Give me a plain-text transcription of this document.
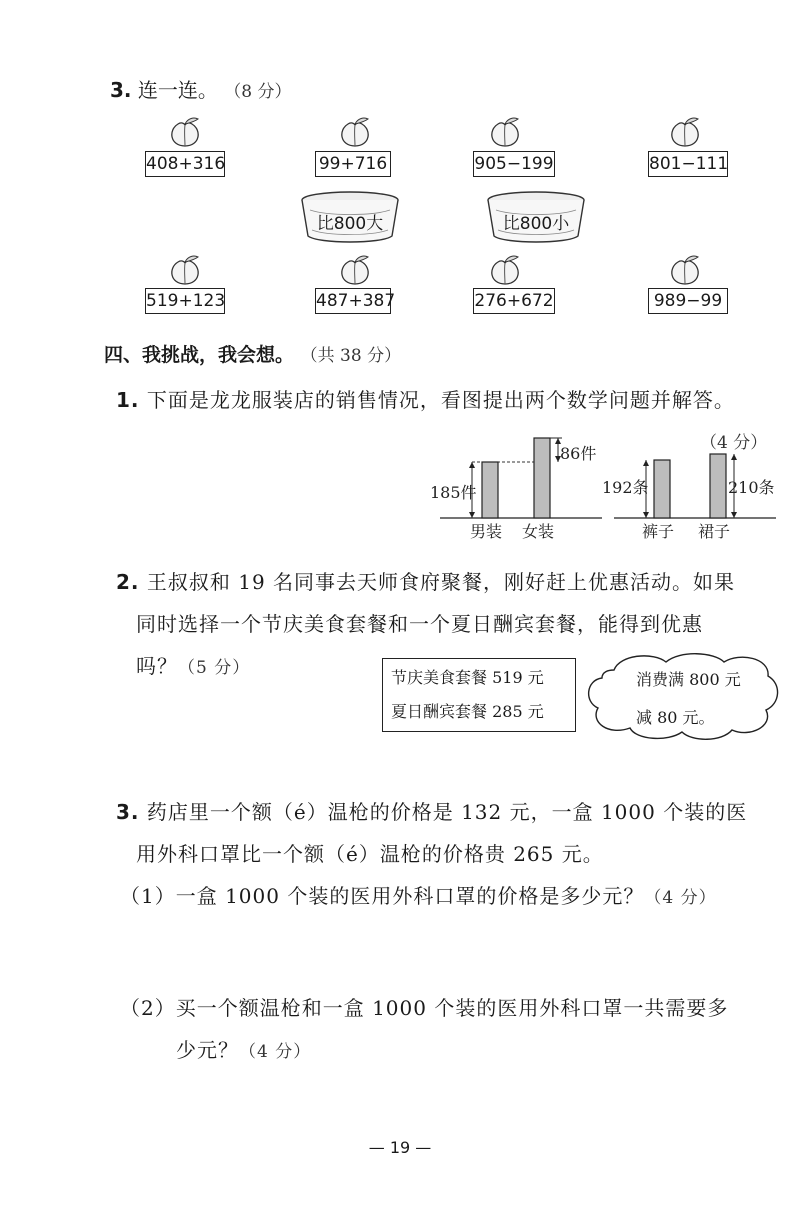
3. 连一连。 （8 分）
408+316	99+716	905−199	801−111
比800大	比800小
519+123	487+387	276+672	989−99
四、我挑战，我会想。 （共 38 分）
1. 下面是龙龙服装店的销售情况，看图提出两个数学问题并解答。
（4 分）
185件
86件
男装 女装
192条	210条
裤子 裙子
2. 王叔叔和 19 名同事去天师食府聚餐，刚好赶上优惠活动。如果
同时选择一个节庆美食套餐和一个夏日酬宾套餐，能得到优惠
吗？（5 分）	节庆美食套餐 519 元
夏日酬宾套餐 285 元
消费满 800 元
减 80 元。
3. 药店里一个额（é）温枪的价格是 132 元，一盒 1000 个装的医
用外科口罩比一个额（é）温枪的价格贵 265 元。
（1）一盒 1000 个装的医用外科口罩的价格是多少元？（4 分）
（2）买一个额温枪和一盒 1000 个装的医用外科口罩一共需要多
少元？（4 分）
— 19 —
